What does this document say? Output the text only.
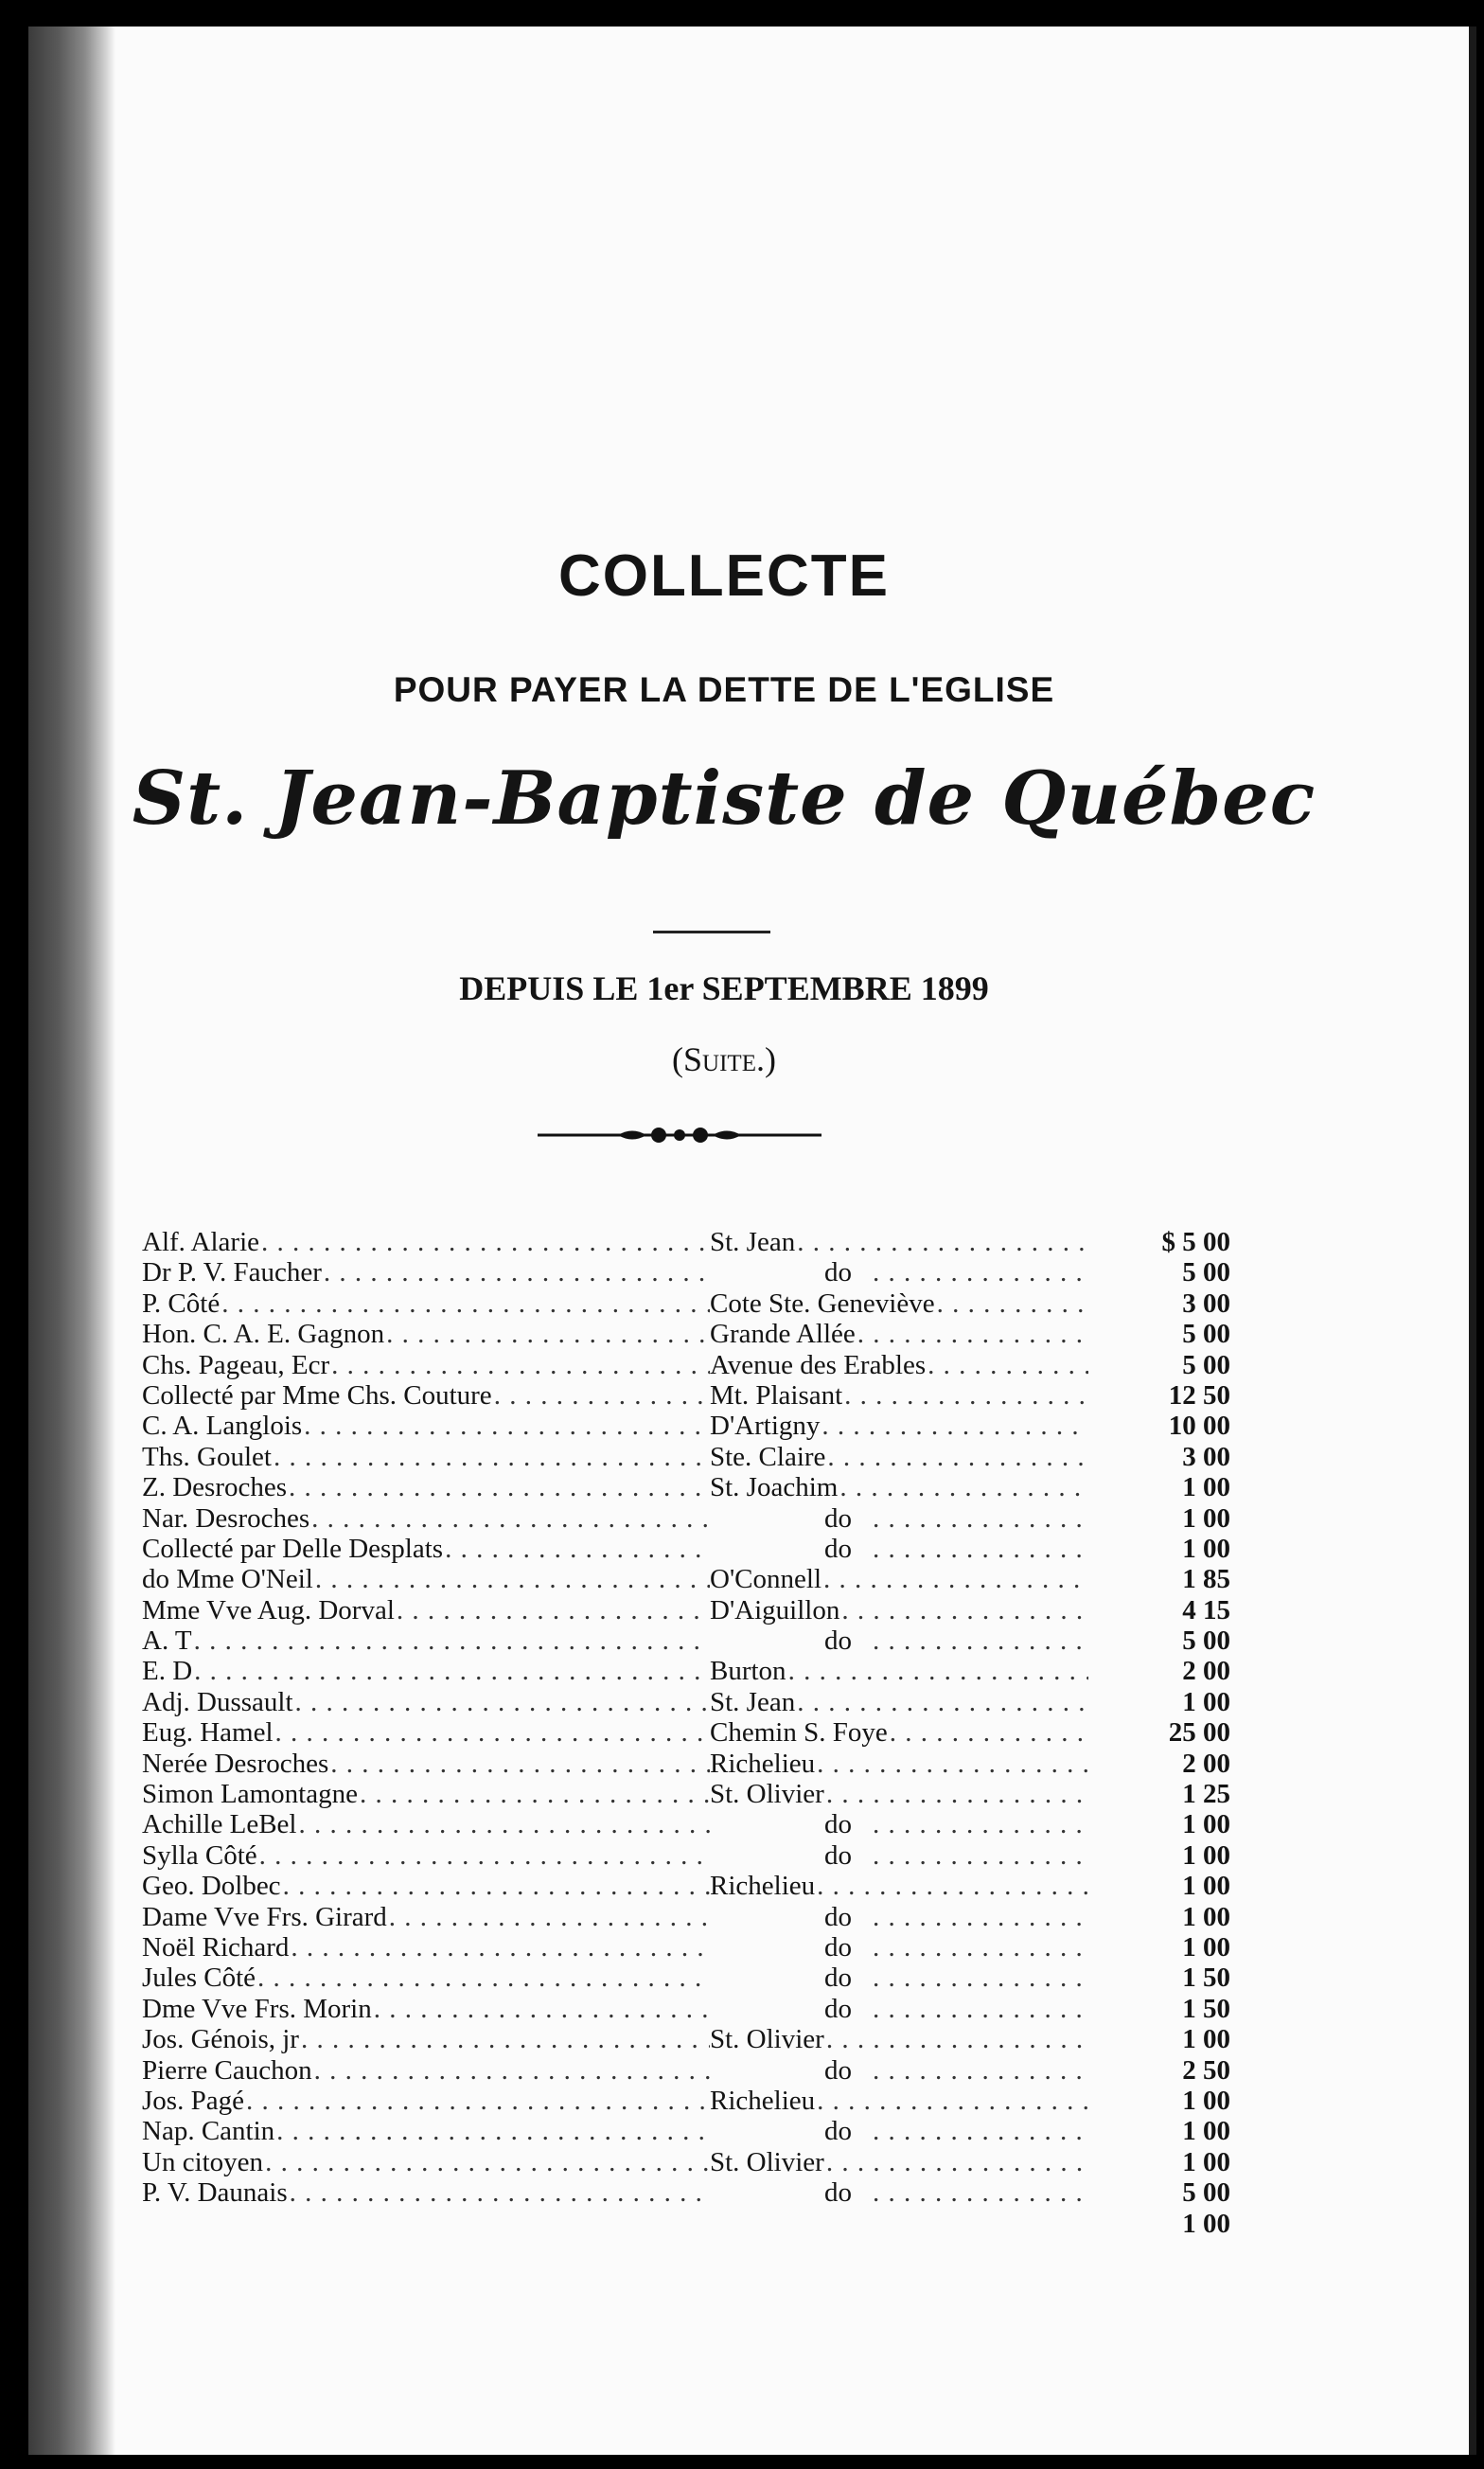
COLLECTE
POUR PAYER LA DETTE DE L'EGLISE
St. Jean-Baptiste de Québec
DEPUIS LE 1er SEPTEMBRE 1899
(Suite.)
Alf. Alarie . . .	St. Jean . . .	$ 5 00
Dr P. V. Faucher . . .	do . . .	5 00
P. Côté . . .	Cote Ste. Geneviève . . .	3 00
Hon. C. A. E. Gagnon . . .	Grande Allée . . .	5 00
Chs. Pageau, Ecr . . .	Avenue des Erables . . .	5 00
Collecté par Mme Chs. Couture . . .	Mt. Plaisant . . .	12 50
C. A. Langlois . . .	D'Artigny . . .	10 00
Ths. Goulet . . .	Ste. Claire . . .	3 00
Z. Desroches . . .	St. Joachim . . .	1 00
Nar. Desroches . . .	do . . .	1 00
Collecté par Delle Desplats . . .	do . . .	1 00
do Mme O'Neil . . .	O'Connell . . .	1 85
Mme Vve Aug. Dorval . . .	D'Aiguillon . . .	4 15
A. T . . .	do . . .	5 00
E. D . . .	Burton . . .	2 00
Adj. Dussault . . .	St. Jean . . .	1 00
Eug. Hamel . . .	Chemin S. Foye . . .	25 00
Nerée Desroches . . .	Richelieu . . .	2 00
Simon Lamontagne . . .	St. Olivier . . .	1 25
Achille LeBel . . .	do . . .	1 00
Sylla Côté . . .	do . . .	1 00
Geo. Dolbec . . .	Richelieu . . .	1 00
Dame Vve Frs. Girard . . .	do . . .	1 00
Noël Richard . . .	do . . .	1 00
Jules Côté . . .	do . . .	1 50
Dme Vve Frs. Morin . . .	do . . .	1 50
Jos. Génois, jr . . .	St. Olivier . . .	1 00
Pierre Cauchon . . .	do . . .	2 50
Jos. Pagé . . .	Richelieu . . .	1 00
Nap. Cantin . . .	do . . .	1 00
Un citoyen . . .	St. Olivier . . .	1 00
P. V. Daunais . . .	do . . .	5 00
1 00
